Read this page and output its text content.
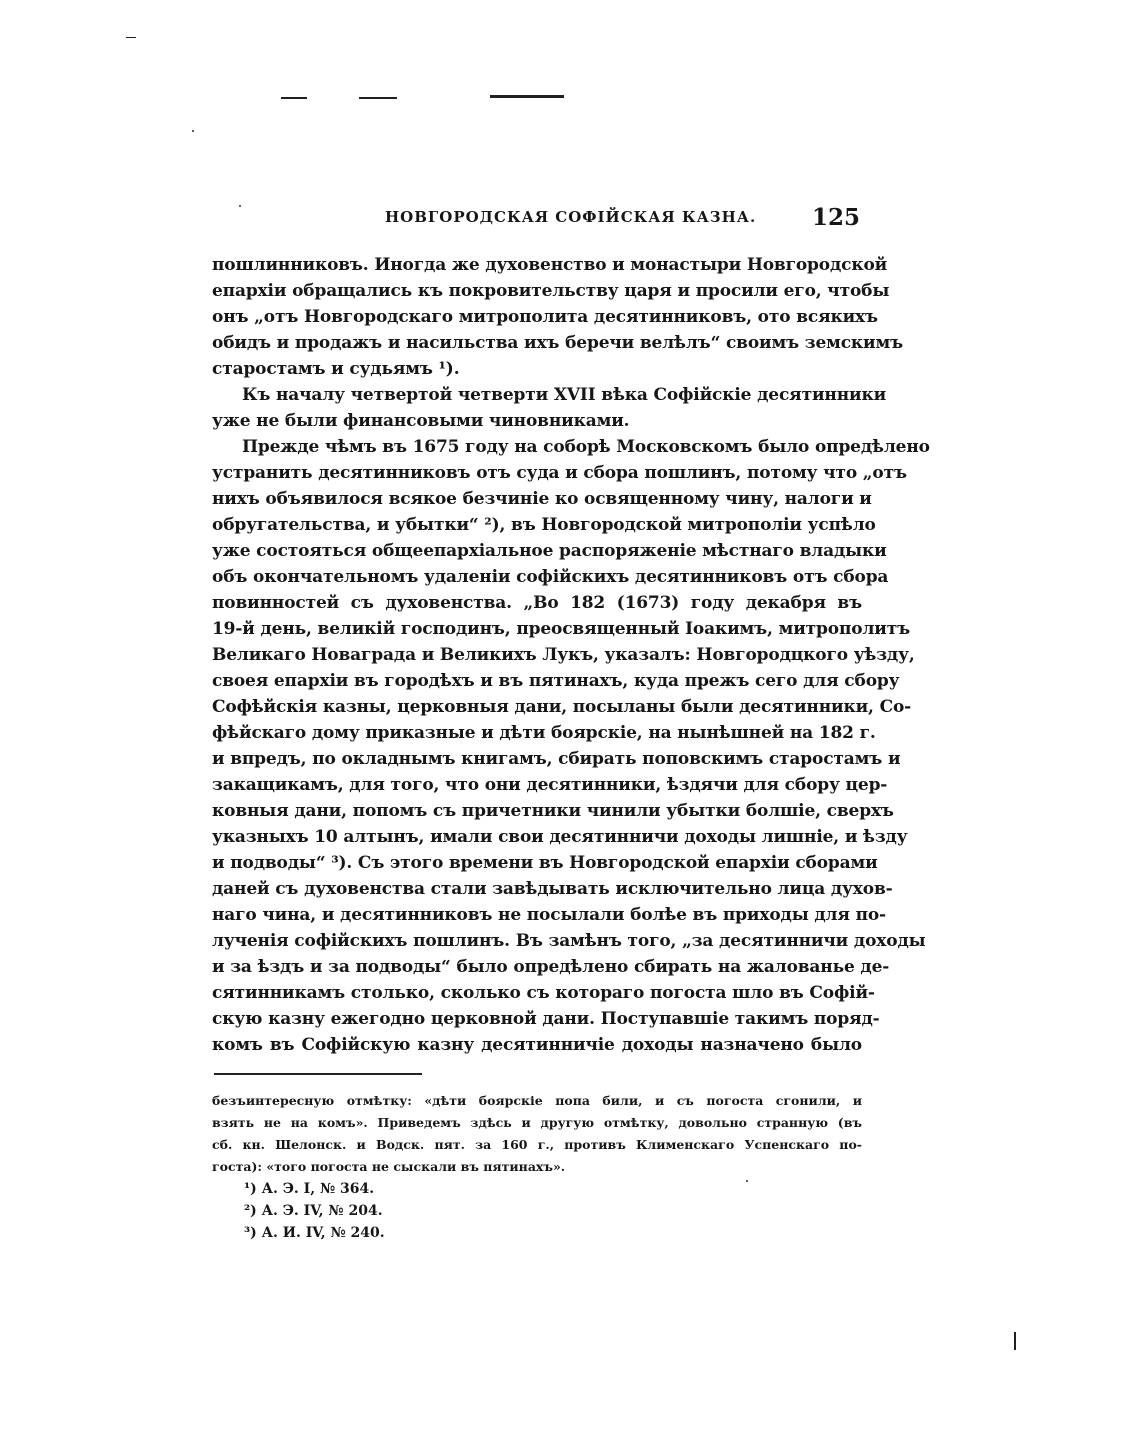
НОВГОРОДСКАЯ СОФІЙСКАЯ КАЗНА. 125
пошлинниковъ. Иногда же духовенство и монастыри Новгородской
епархіи обращались къ покровительству царя и просили его, чтобы
онъ „отъ Новгородскаго митрополита десятинниковъ, ото всякихъ
обидъ и продажъ и насильства ихъ беречи велѣлъ“ своимъ земскимъ
старостамъ и судьямъ ¹).
Къ началу четвертой четверти XVII вѣка Софійскіе десятинники
уже не были финансовыми чиновниками.
Прежде чѣмъ въ 1675 году на соборѣ Московскомъ было опредѣлено
устранить десятинниковъ отъ суда и сбора пошлинъ, потому что „отъ
нихъ объявилося всякое безчиніе ко освященному чину, налоги и
обругательства, и убытки“ ²), въ Новгородской митрополіи успѣло
уже состояться общеепархіальное распоряженіе мѣстнаго владыки
объ окончательномъ удаленіи софійскихъ десятинниковъ отъ сбора
повинностей съ духовенства. „Во 182 (1673) году декабря въ
19-й день, великій господинъ, преосвященный Іоакимъ, митрополитъ
Великаго Новаграда и Великихъ Лукъ, указалъ: Новгородцкого уѣзду,
своея епархіи въ городѣхъ и въ пятинахъ, куда прежъ сего для сбору
Софѣйскія казны, церковныя дани, посыланы были десятинники, Со-
фѣйскаго дому приказные и дѣти боярскіе, на нынѣшней на 182 г.
и впредъ, по окладнымъ книгамъ, сбирать поповскимъ старостамъ и
закащикамъ, для того, что они десятинники, ѣздячи для сбору цер-
ковныя дани, попомъ съ причетники чинили убытки болшіе, сверхъ
указныхъ 10 алтынъ, имали свои десятинничи доходы лишніе, и ѣзду
и подводы“ ³). Съ этого времени въ Новгородской епархіи сборами
даней съ духовенства стали завѣдывать исключительно лица духов-
наго чина, и десятинниковъ не посылали болѣе въ приходы для по-
лученія софійскихъ пошлинъ. Въ замѣнъ того, „за десятинничи доходы
и за ѣздъ и за подводы“ было опредѣлено сбирать на жалованье де-
сятинникамъ столько, сколько съ котораго погоста шло въ Софій-
скую казну ежегодно церковной дани. Поступавшіе такимъ поряд-
комъ въ Софійскую казну десятинничіе доходы назначено было
безъинтересную отмѣтку: «дѣти боярскіе попа били, и съ погоста сгонили, и
взять не на комъ». Приведемъ здѣсь и другую отмѣтку, довольно странную (въ
сб. кн. Шелонск. и Водск. пят. за 160 г., противъ Клименскаго Успенскаго по-
госта): «того погоста не сыскали въ пятинахъ».
¹) А. Э. I, № 364.
²) А. Э. IV, № 204.
³) А. И. IV, № 240.
